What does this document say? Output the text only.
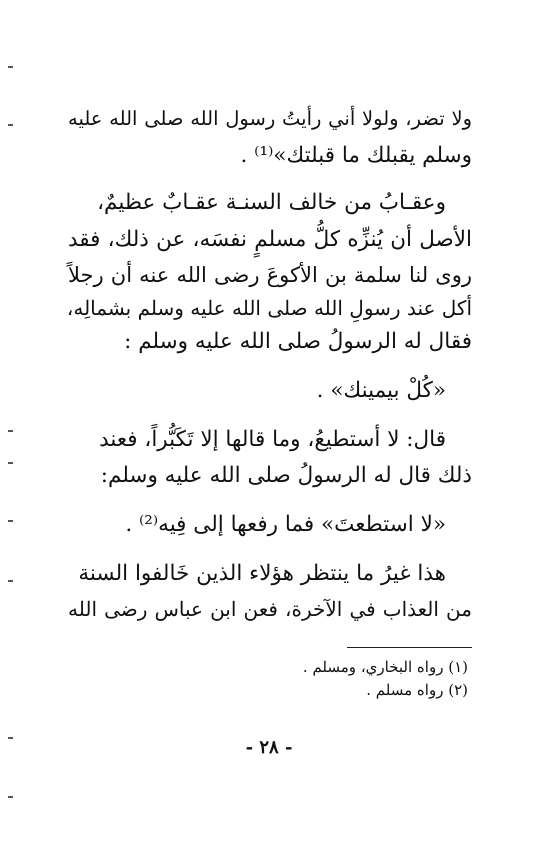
ولا تضر، ولولا أني رأيتُ رسول الله صلى الله عليه
وسلم يقبلك ما قبلتك»⁽¹⁾ .
وعقـابُ من خالف السنـة عقـابٌ عظيمٌ،
الأصل أن يُنزِّه كلُّ مسلمٍ نفسَه، عن ذلك، فقد
روى لنا سلمة بن الأكوعَ رضى الله عنه أن رجلاً
أكل عند رسولِ الله صلى الله عليه وسلم بشمالِه،
فقال له الرسولُ صلى الله عليه وسلم :
«كُلْ بيمينك» .
قال: لا أستطيعُ، وما قالها إلا تَكَبُّراً، فعند
ذلك قال له الرسولُ صلى الله عليه وسلم:
«لا استطعتَ» فما رفعها إلى فِيه⁽²⁾ .
هذا غيرُ ما ينتظر هؤلاء الذين خَالفوا السنة
من العذاب في الآخرة، فعن ابن عباس رضى الله
(١) رواه البخاري، ومسلم .
(٢) رواه مسلم .
- ٢٨ -
